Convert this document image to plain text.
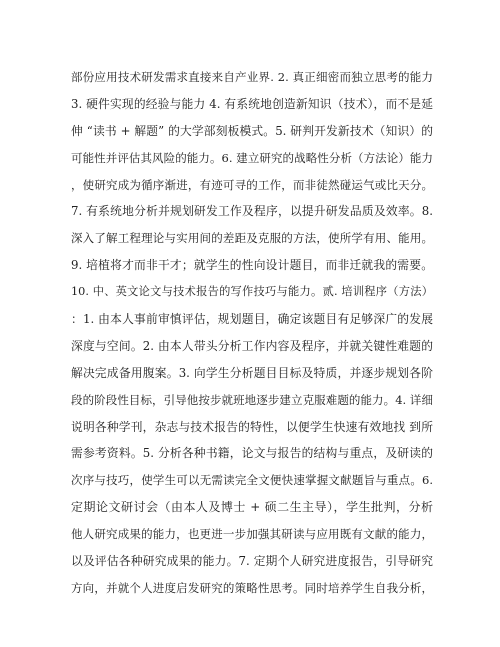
部份应用技术研发需求直接来自产业界. 2. 真正细密而独立思考的能力
3. 硬件实现的经验与能力 4. 有系统地创造新知识（技术），而不是延
伸 “读书 + 解题” 的大学部刻板模式。5. 研判开发新技术（知识）的
可能性并评估其风险的能力。6. 建立研究的战略性分析（方法论）能力
，使研究成为循序渐进，有迹可寻的工作，而非徒然碰运气或比天分。
7. 有系统地分析并规划研发工作及程序，以提升研发品质及效率。8.
深入了解工程理论与实用间的差距及克服的方法，使所学有用、能用。
9. 培植将才而非干才；就学生的性向设计题目，而非迁就我的需要。
10. 中、英文论文与技术报告的写作技巧与能力。贰. 培训程序（方法）
：1. 由本人事前审慎评估，规划题目，确定该题目有足够深广的发展
深度与空间。2. 由本人带头分析工作内容及程序，并就关键性难题的
解决完成备用腹案。3. 向学生分析题目目标及特质，并逐步规划各阶
段的阶段性目标，引导他按步就班地逐步建立克服难题的能力。4. 详细
说明各种学刊，杂志与技术报告的特性，以便学生快速有效地找 到所
需参考资料。5. 分析各种书籍，论文与报告的结构与重点，及研读的
次序与技巧，使学生可以无需读完全文便快速掌握文献题旨与重点。6.
定期论文研讨会（由本人及博士 + 硕二生主导），学生批判，分析
他人研究成果的能力，也更进一步加强其研读与应用既有文献的能力，
以及评估各种研究成果的能力。7. 定期个人研究进度报告，引导研究
方向，并就个人进度启发研究的策略性思考。同时培养学生自我分析，
